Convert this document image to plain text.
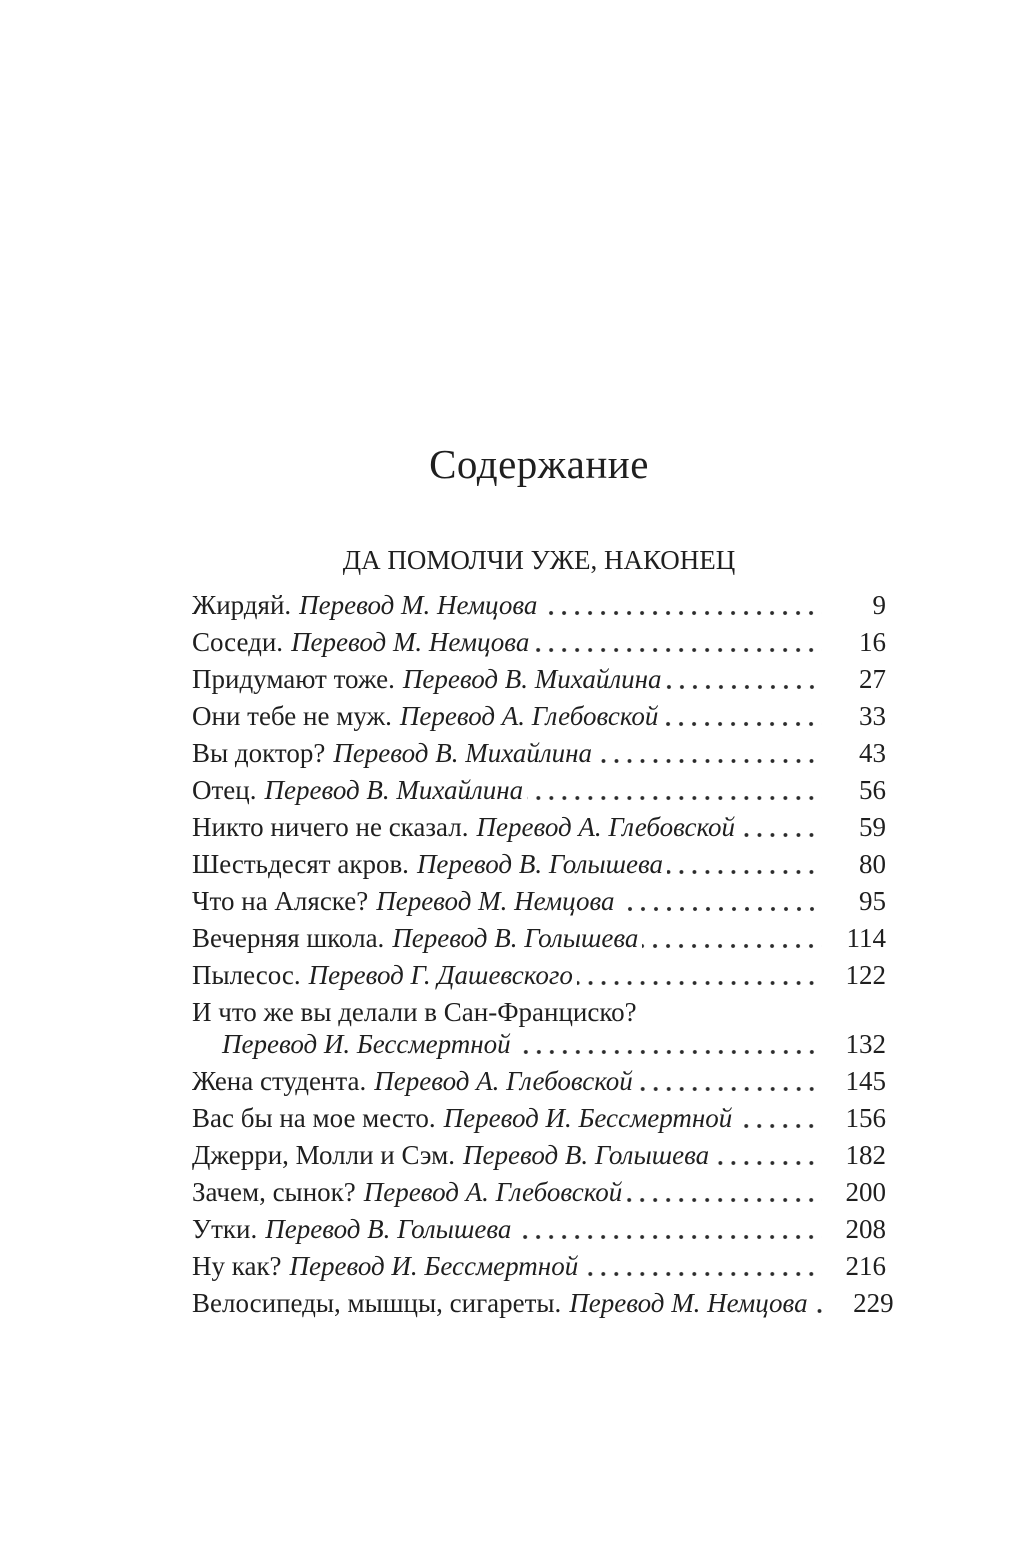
Содержание
ДА ПОМОЛЧИ УЖЕ, НАКОНЕЦ
Жирдяй. Перевод М. Немцова	9
Соседи. Перевод М. Немцова	16
Придумают тоже. Перевод В. Михайлина	27
Они тебе не муж. Перевод А. Глебовской	33
Вы доктор? Перевод В. Михайлина	43
Отец. Перевод В. Михайлина	56
Никто ничего не сказал. Перевод А. Глебовской	59
Шестьдесят акров. Перевод В. Голышева	80
Что на Аляске? Перевод М. Немцова	95
Вечерняя школа. Перевод В. Голышева	114
Пылесос. Перевод Г. Дашевского	122
И что же вы делали в Сан-Франциско?
Перевод И. Бессмертной	132
Жена студента. Перевод А. Глебовской	145
Вас бы на мое место. Перевод И. Бессмертной	156
Джерри, Молли и Сэм. Перевод В. Голышева	182
Зачем, сынок? Перевод А. Глебовской	200
Утки. Перевод В. Голышева	208
Ну как? Перевод И. Бессмертной	216
Велосипеды, мышцы, сигареты. Перевод М. Немцова	229
